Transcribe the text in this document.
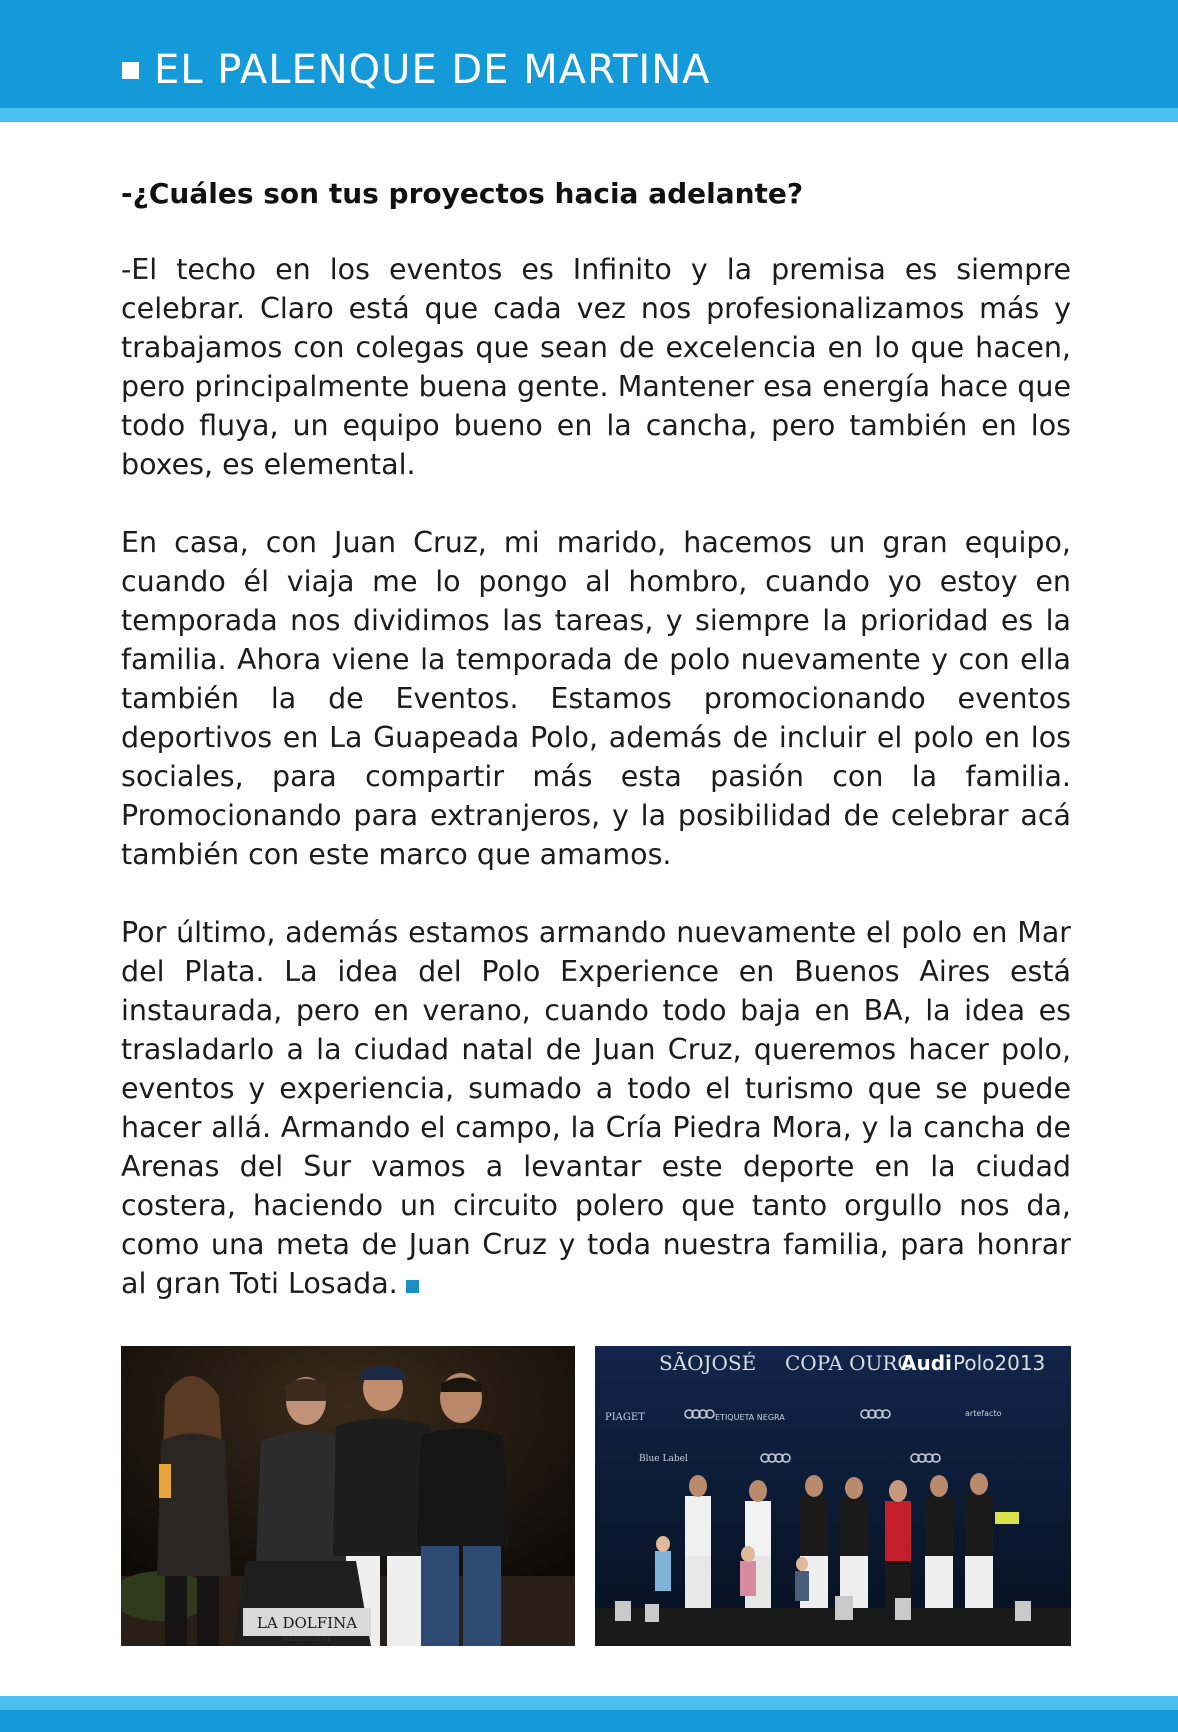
EL PALENQUE DE MARTINA

-¿Cuáles son tus proyectos hacia adelante?

-El techo en los eventos es Infinito y la premisa es siempre celebrar. Claro está que cada vez nos profesionalizamos más y trabajamos con colegas que sean de excelencia en lo que hacen, pero principalmente buena gente. Mantener esa energía hace que todo fluya, un equipo bueno en la cancha, pero también en los boxes, es elemental.

En casa, con Juan Cruz, mi marido, hacemos un gran equipo, cuando él viaja me lo pongo al hombro, cuando yo estoy en temporada nos dividimos las tareas, y siempre la prioridad es la familia. Ahora viene la temporada de polo nuevamente y con ella también la de Eventos. Estamos promocionando eventos deportivos en La Guapeada Polo, además de incluir el polo en los sociales, para compartir más esta pasión con la familia. Promocionando para extranjeros, y la posibilidad de celebrar acá también con este marco que amamos.

Por último, además estamos armando nuevamente el polo en Mar del Plata. La idea del Polo Experience en Buenos Aires está instaurada, pero en verano, cuando todo baja en BA, la idea es trasladarlo a la ciudad natal de Juan Cruz, queremos hacer polo, eventos y experiencia, sumado a todo el turismo que se puede hacer allá. Armando el campo, la Cría Piedra Mora, y la cancha de Arenas del Sur vamos a levantar este deporte en la ciudad costera, haciendo un circuito polero que tanto orgullo nos da, como una meta de Juan Cruz y toda nuestra familia, para honrar al gran Toti Losada.

LA DOLFINA
POLO LIFESTYLE
SÃOJOSÉ COPA OURO
Audi Polo2013
PIAGET	ETIQUETA NEGRA	artefacto
Blue Label
